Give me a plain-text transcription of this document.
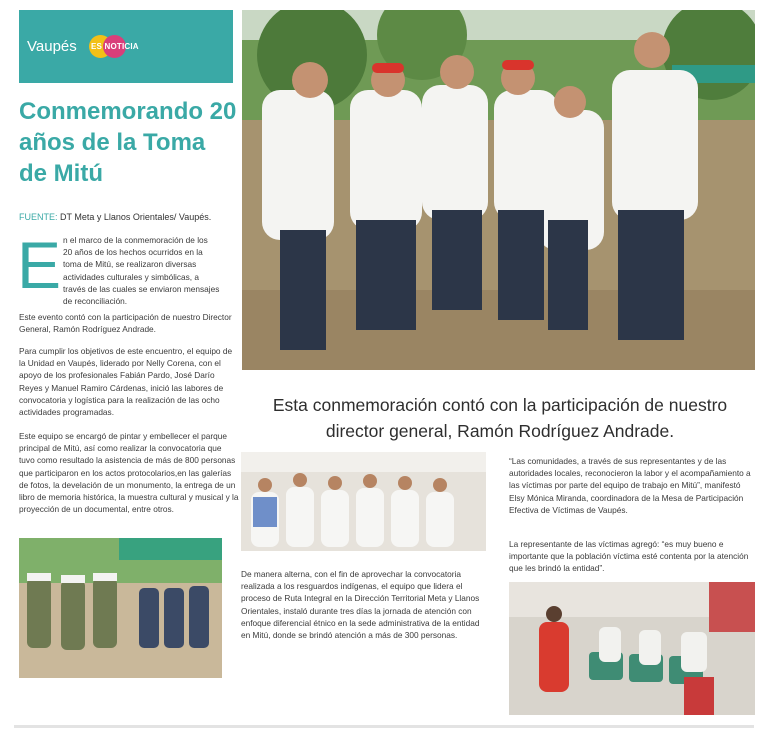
Vaupés ES NOTICIA
Conmemorando 20 años de la Toma de Mitú
FUENTE: DT Meta y Llanos Orientales/ Vaupés.
E n el marco de la conmemoración de los
20 años de los hechos ocurridos en la
toma de Mitú, se realizaron diversas
actividades culturales y simbólicas, a
través de las cuales se enviaron mensajes
de reconciliación.
Este evento contó con la participación de nuestro Director General, Ramón Rodríguez Andrade.
Para cumplir los objetivos de este encuentro, el equipo de la Unidad en Vaupés, liderado por Nelly Corena, con el apoyo de los profesionales Fabián Pardo, José Darío Reyes y Manuel Ramiro Cárdenas, inició las labores de convocatoria y logística para la realización de las ocho actividades programadas.
Este equipo se encargó de pintar y embellecer el parque principal de Mitú, así como realizar la convocatoria que tuvo como resultado la asistencia de más de 800 personas que participaron en los actos protocolarios,en las galerías de fotos, la develación de un monumento, la entrega de un libro de memoria histórica, la muestra cultural y musical y la proyección de un documental, entre otros.
Esta conmemoración contó con la participación de nuestro director general, Ramón Rodríguez Andrade.
“Las comunidades, a través de sus representantes y de las autoridades locales, reconocieron la labor y el acompañamiento a las víctimas por parte del equipo de trabajo en Mitú”, manifestó Elsy Mónica Miranda, coordinadora de la Mesa de Participación Efectiva de Víctimas de Vaupés.
La representante de las víctimas agregó: “es muy bueno e importante que la población víctima esté contenta por la atención que les brindó la entidad”.
De manera alterna, con el fin de aprovechar la convocatoria realizada a los resguardos indígenas, el equipo que lidera el proceso de Ruta Integral en la Dirección Territorial Meta y Llanos Orientales, instaló durante tres días la jornada de atención con enfoque diferencial étnico en la sede administrativa de la entidad en Mitú, donde se brindó atención a más de 300 personas.
